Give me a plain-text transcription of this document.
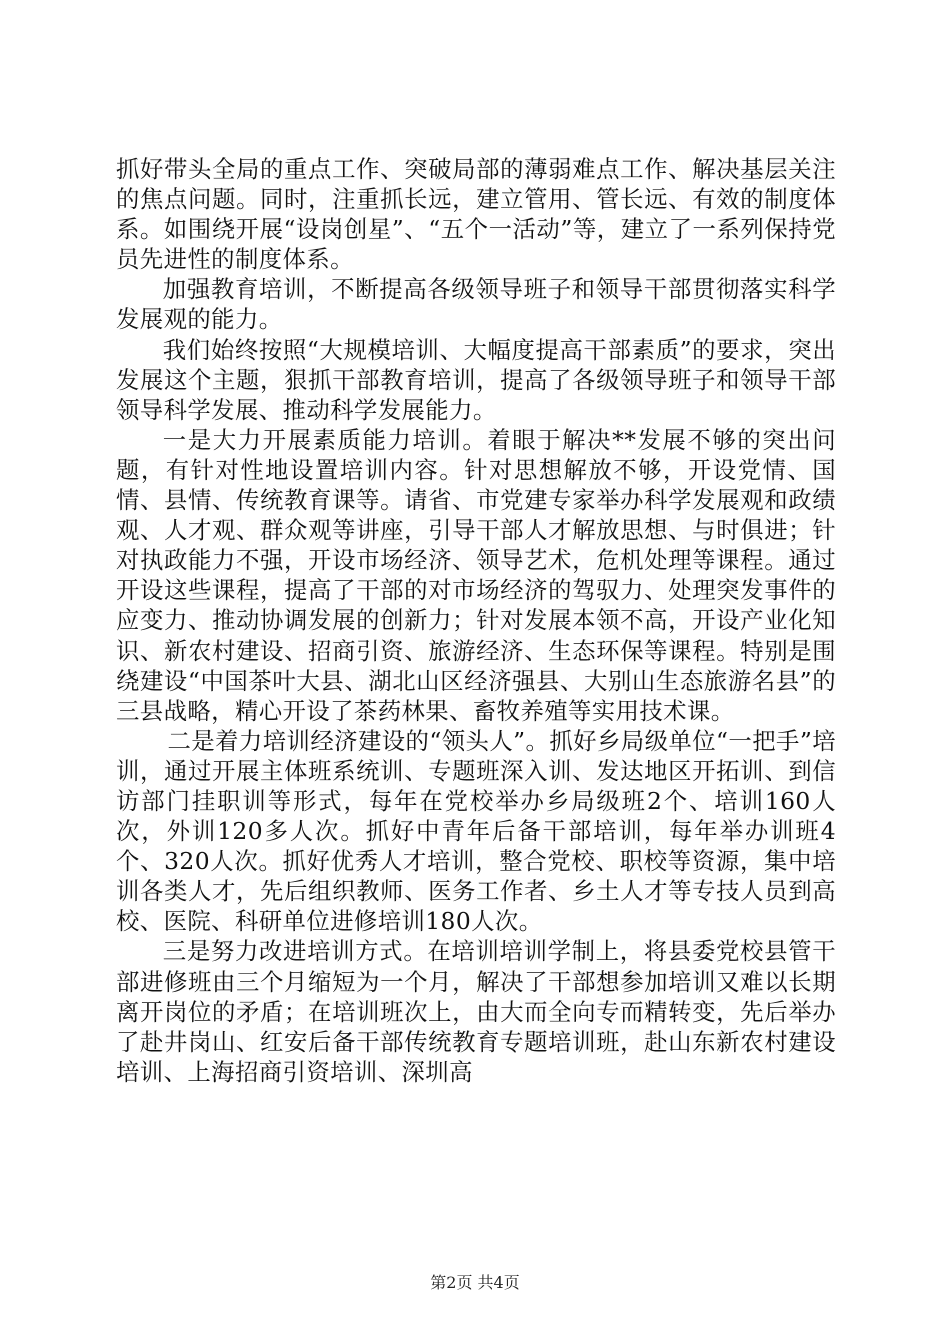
抓好带头全局的重点工作、突破局部的薄弱难点工作、解决基层关注的焦点问题。同时，注重抓长远，建立管用、管长远、有效的制度体系。如围绕开展“设岗创星”、“五个一活动”等，建立了一系列保持党员先进性的制度体系。

加强教育培训，不断提高各级领导班子和领导干部贯彻落实科学发展观的能力。

我们始终按照“大规模培训、大幅度提高干部素质”的要求，突出发展这个主题，狠抓干部教育培训，提高了各级领导班子和领导干部领导科学发展、推动科学发展能力。

一是大力开展素质能力培训。着眼于解决**发展不够的突出问题，有针对性地设置培训内容。针对思想解放不够，开设党情、国情、县情、传统教育课等。请省、市党建专家举办科学发展观和政绩观、人才观、群众观等讲座，引导干部人才解放思想、与时俱进；针对执政能力不强，开设市场经济、领导艺术，危机处理等课程。通过开设这些课程，提高了干部的对市场经济的驾驭力、处理突发事件的应变力、推动协调发展的创新力；针对发展本领不高，开设产业化知识、新农村建设、招商引资、旅游经济、生态环保等课程。特别是围绕建设“中国茶叶大县、湖北山区经济强县、大别山生态旅游名县”的三县战略，精心开设了茶药林果、畜牧养殖等实用技术课。

二是着力培训经济建设的“领头人”。抓好乡局级单位“一把手”培训，通过开展主体班系统训、专题班深入训、发达地区开拓训、到信访部门挂职训等形式，每年在党校举办乡局级班2个、培训160人次，外训120多人次。抓好中青年后备干部培训，每年举办训班4个、320人次。抓好优秀人才培训，整合党校、职校等资源，集中培训各类人才，先后组织教师、医务工作者、乡土人才等专技人员到高校、医院、科研单位进修培训180人次。

三是努力改进培训方式。在培训培训学制上，将县委党校县管干部进修班由三个月缩短为一个月，解决了干部想参加培训又难以长期离开岗位的矛盾；在培训班次上，由大而全向专而精转变，先后举办了赴井岗山、红安后备干部传统教育专题培训班，赴山东新农村建设培训、上海招商引资培训、深圳高

第2页 共4页
